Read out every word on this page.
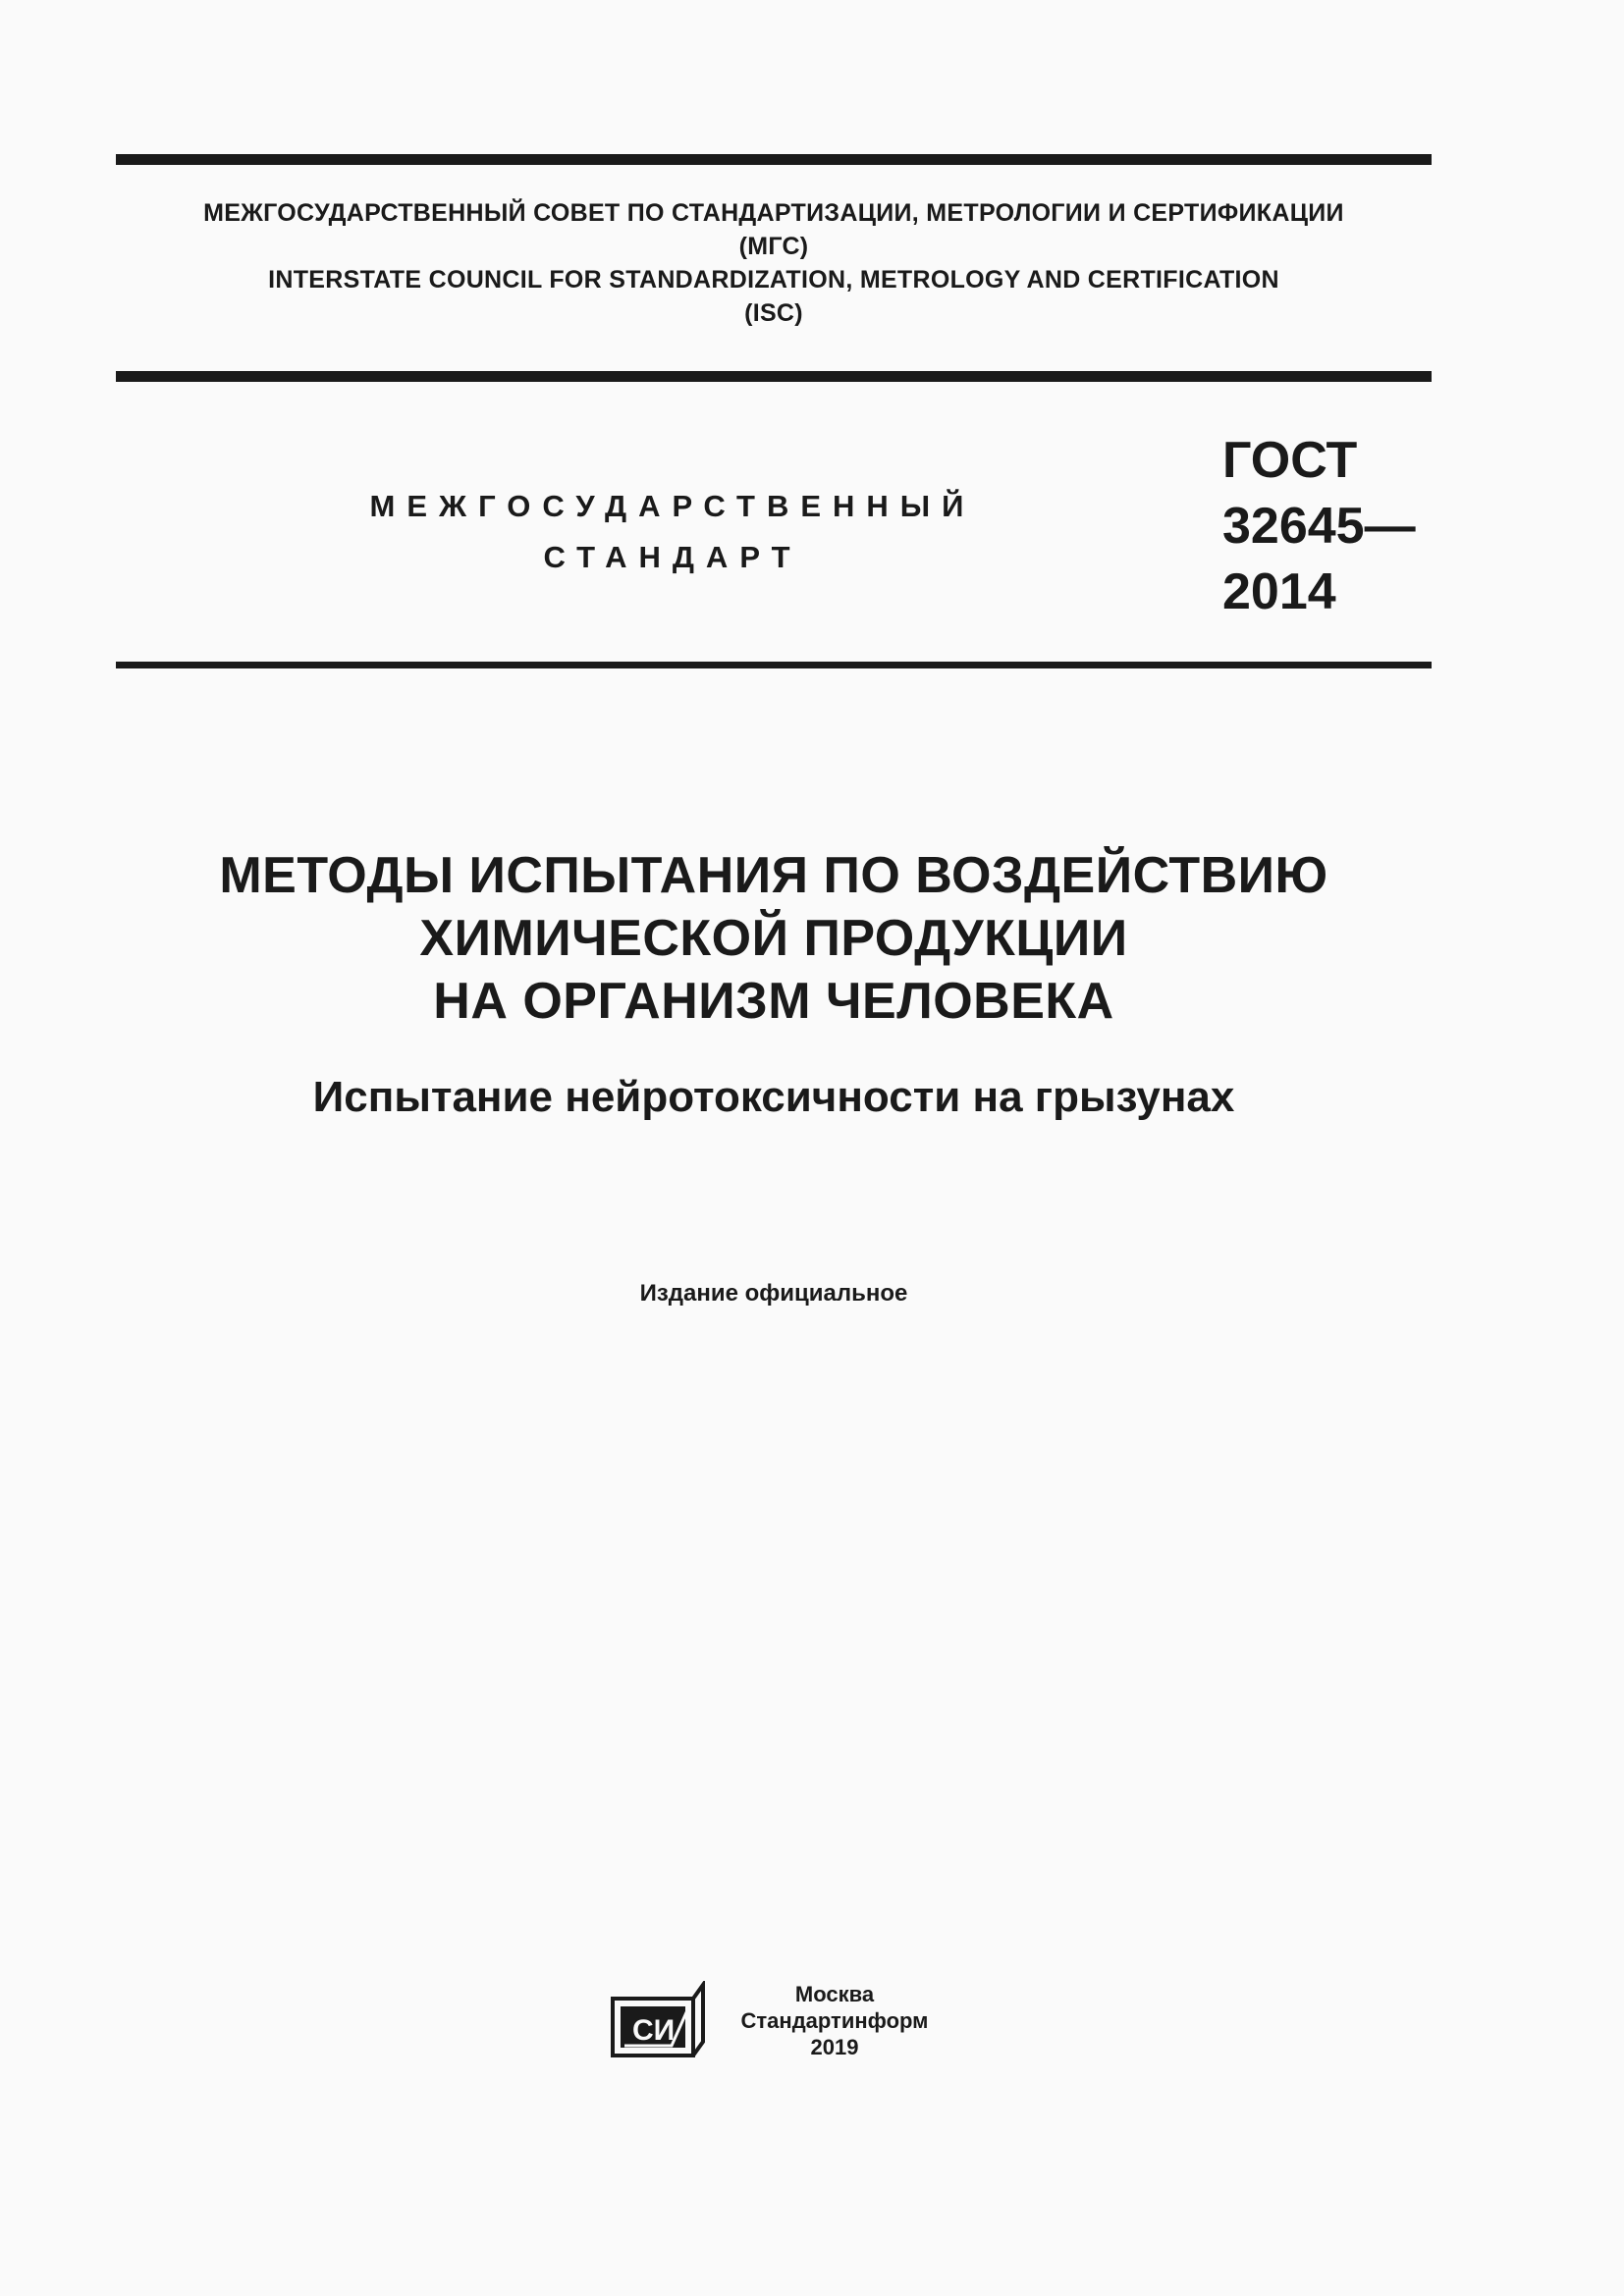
МЕЖГОСУДАРСТВЕННЫЙ СОВЕТ ПО СТАНДАРТИЗАЦИИ, МЕТРОЛОГИИ И СЕРТИФИКАЦИИ
(МГС)
INTERSTATE COUNCIL FOR STANDARDIZATION, METROLOGY AND CERTIFICATION
(ISC)
МЕЖГОСУДАРСТВЕННЫЙ
СТАНДАРТ
ГОСТ
32645—
2014
МЕТОДЫ ИСПЫТАНИЯ ПО ВОЗДЕЙСТВИЮ
ХИМИЧЕСКОЙ ПРОДУКЦИИ
НА ОРГАНИЗМ ЧЕЛОВЕКА
Испытание нейротоксичности на грызунах
Издание официальное
СИ
Москва
Стандартинформ
2019
